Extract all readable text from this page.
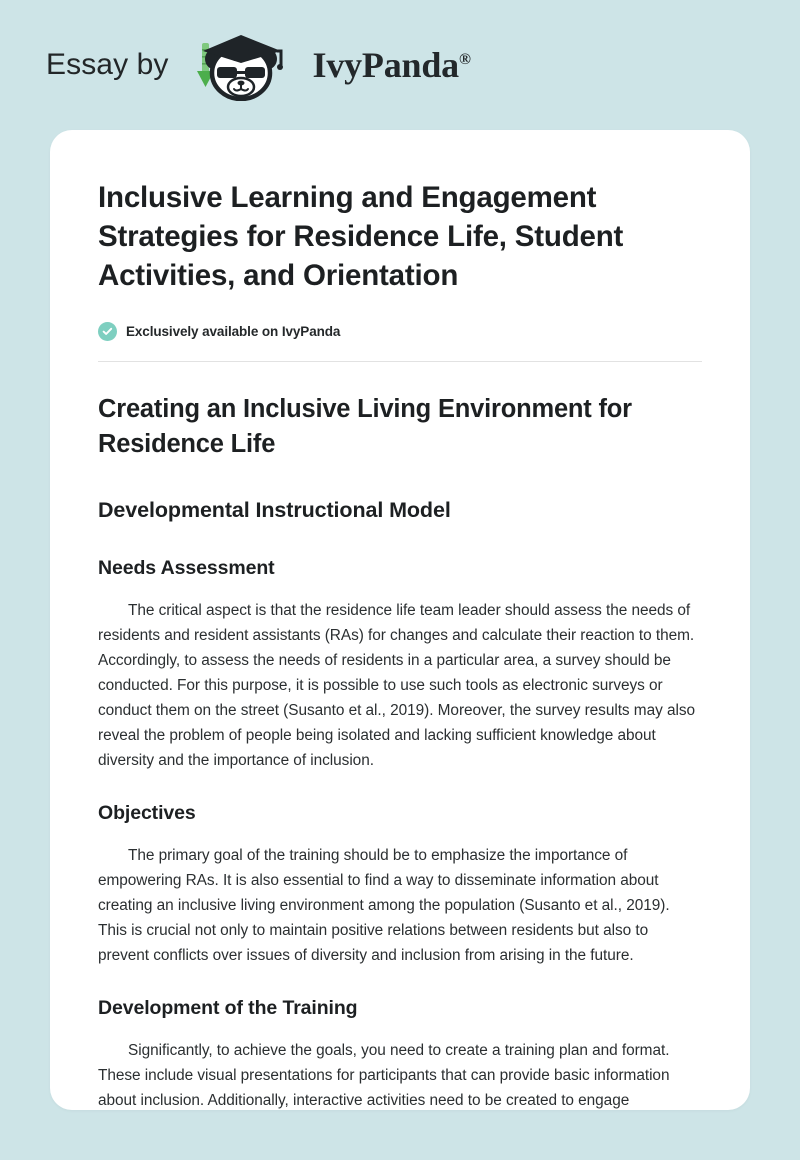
Essay by	IvyPanda®
Inclusive Learning and Engagement Strategies for Residence Life, Student Activities, and Orientation
Exclusively available on IvyPanda
Creating an Inclusive Living Environment for Residence Life
Developmental Instructional Model
Needs Assessment

The critical aspect is that the residence life team leader should assess the needs of residents and resident assistants (RAs) for changes and calculate their reaction to them. Accordingly, to assess the needs of residents in a particular area, a survey should be conducted. For this purpose, it is possible to use such tools as electronic surveys or conduct them on the street (Susanto et al., 2019). Moreover, the survey results may also reveal the problem of people being isolated and lacking sufficient knowledge about diversity and the importance of inclusion.

Objectives

The primary goal of the training should be to emphasize the importance of empowering RAs. It is also essential to find a way to disseminate information about creating an inclusive living environment among the population (Susanto et al., 2019). This is crucial not only to maintain positive relations between residents but also to prevent conflicts over issues of diversity and inclusion from arising in the future.

Development of the Training

Significantly, to achieve the goals, you need to create a training plan and format. These include visual presentations for participants that can provide basic information about inclusion. Additionally, interactive activities need to be created to engage
